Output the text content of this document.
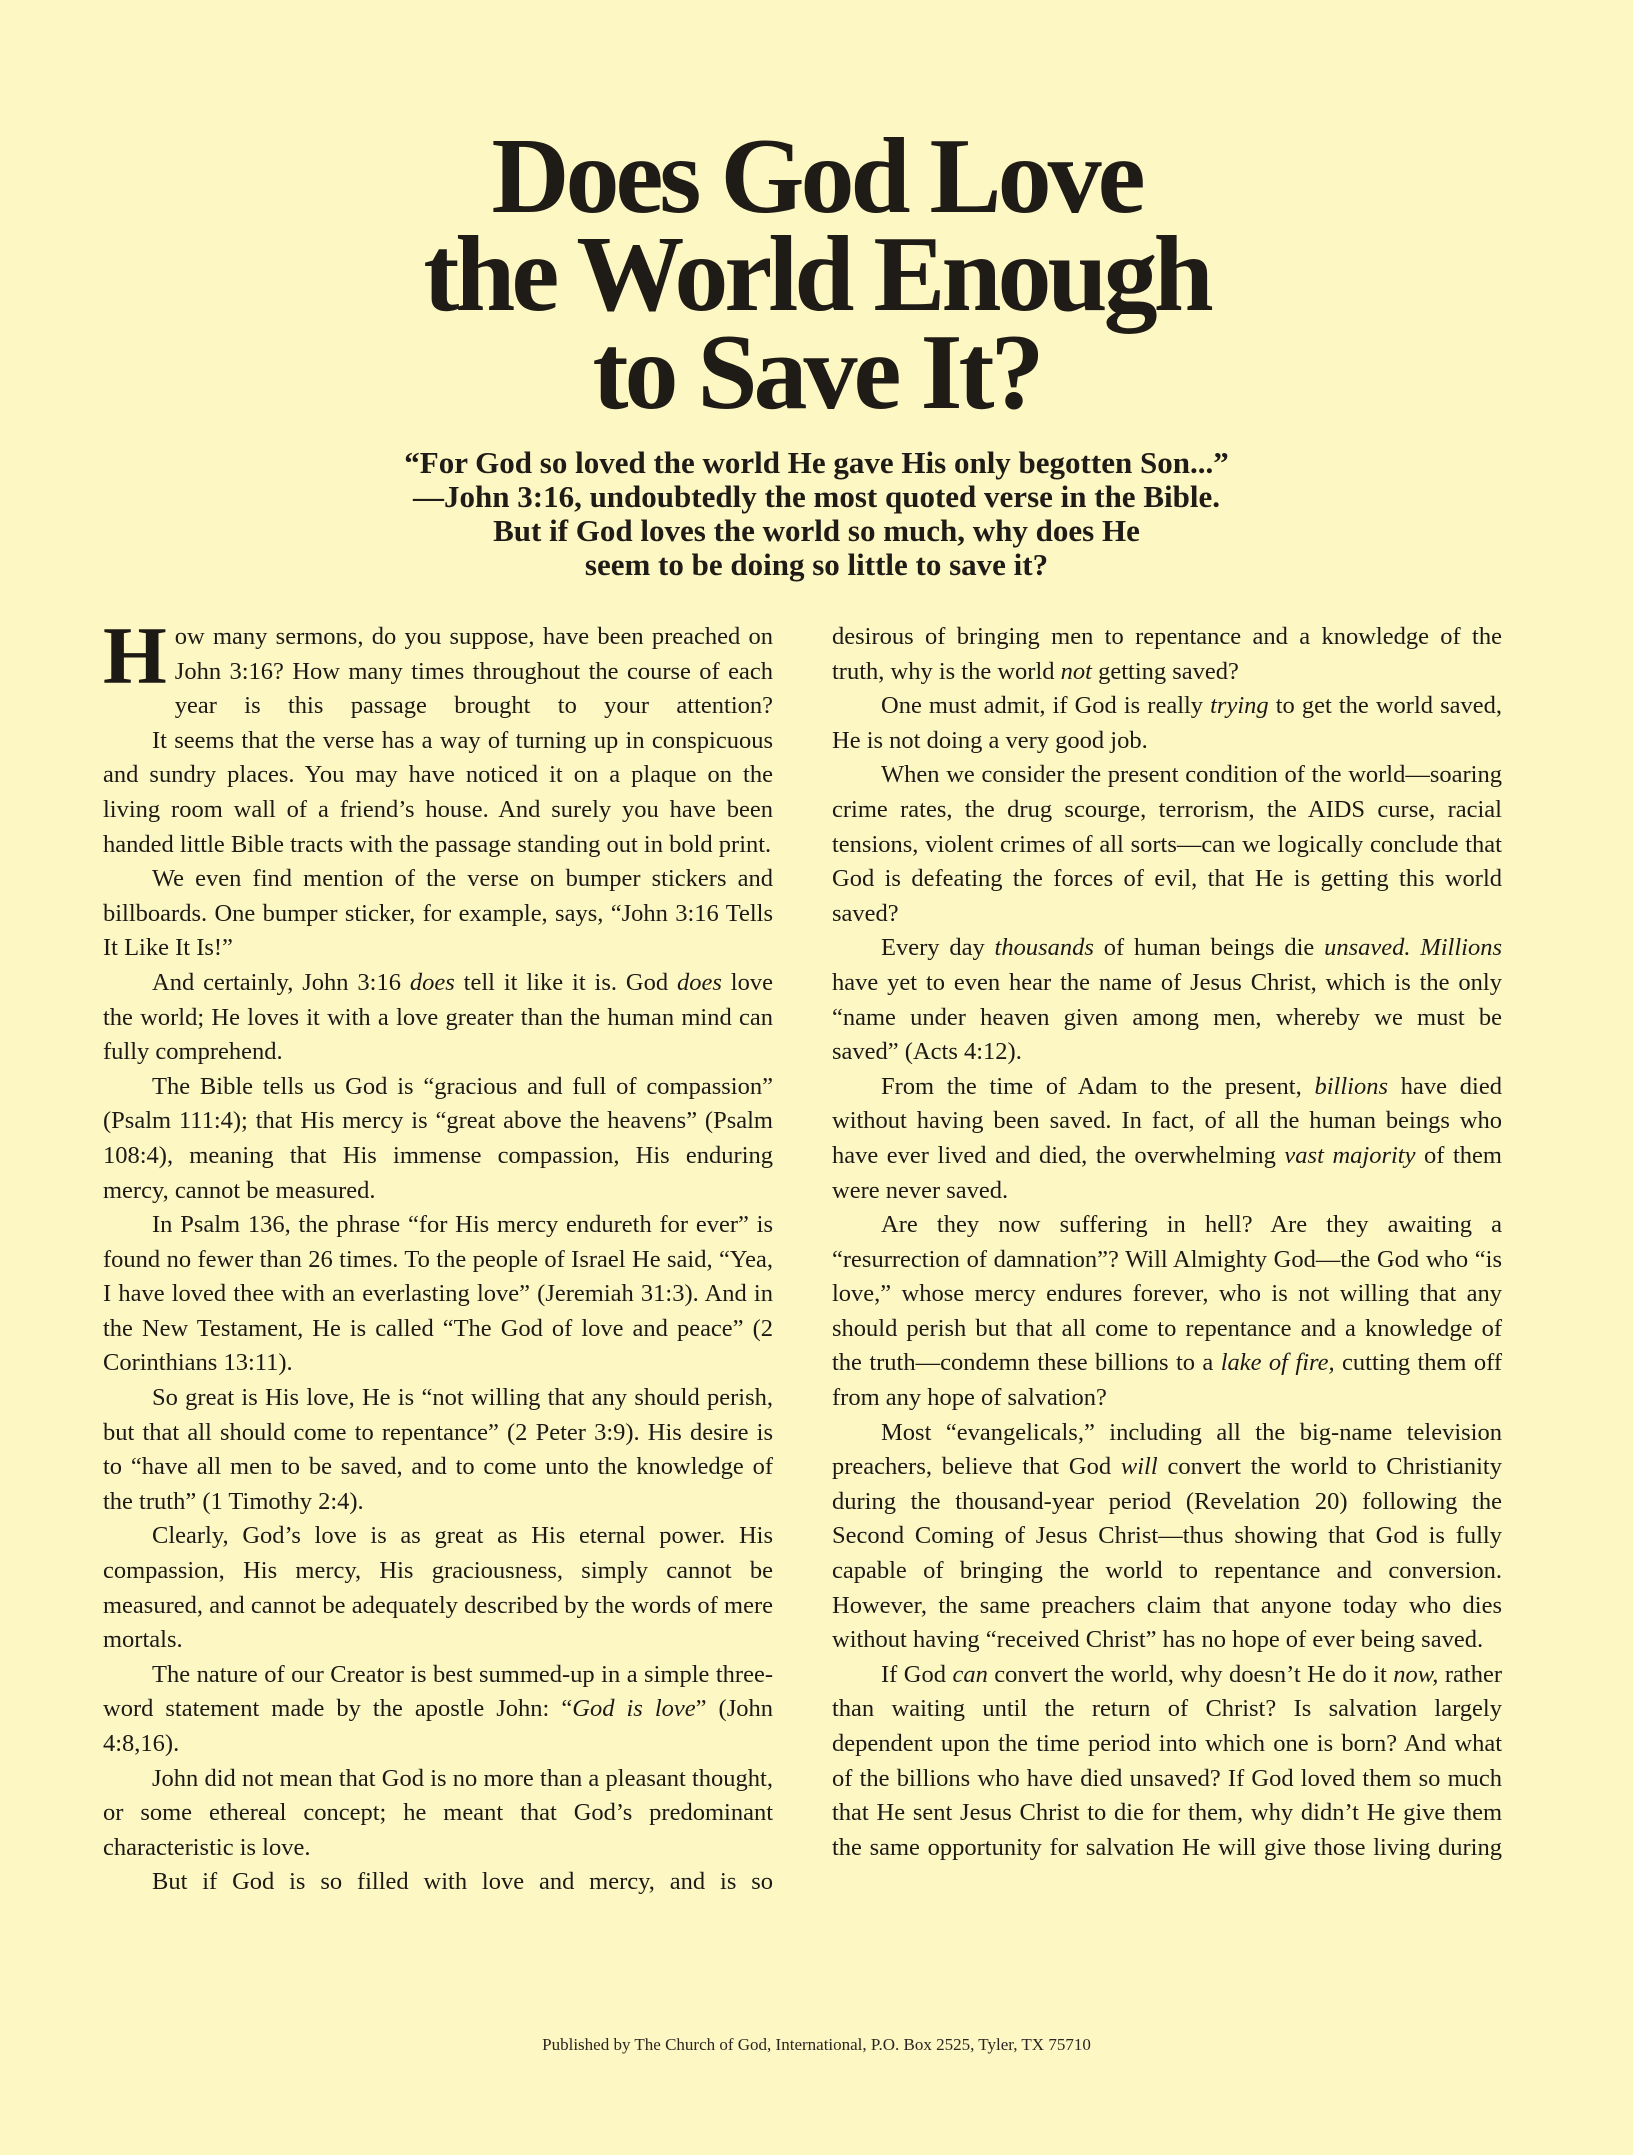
Does God Love
the World Enough
to Save It?
“For God so loved the world He gave His only begotten Son...”
—John 3:16, undoubtedly the most quoted verse in the Bible.
But if God loves the world so much, why does He
seem to be doing so little to save it?

How many sermons, do you suppose, have been preached on John 3:16? How many times throughout the course of each year is this passage brought to your attention?

It seems that the verse has a way of turning up in conspicuous and sundry places. You may have noticed it on a plaque on the living room wall of a friend’s house. And surely you have been handed little Bible tracts with the passage standing out in bold print.

We even find mention of the verse on bumper stickers and billboards. One bumper sticker, for example, says, “John 3:16 Tells It Like It Is!”

And certainly, John 3:16 does tell it like it is. God does love the world; He loves it with a love greater than the human mind can fully comprehend.

The Bible tells us God is “gracious and full of compassion” (Psalm 111:4); that His mercy is “great above the heavens” (Psalm 108:4), meaning that His immense compassion, His enduring mercy, cannot be measured.

In Psalm 136, the phrase “for His mercy endureth for ever” is found no fewer than 26 times. To the people of Israel He said, “Yea, I have loved thee with an everlasting love” (Jeremiah 31:3). And in the New Testament, He is called “The God of love and peace” (2 Corinthians 13:11).

So great is His love, He is “not willing that any should perish, but that all should come to repentance” (2 Peter 3:9). His desire is to “have all men to be saved, and to come unto the knowledge of the truth” (1 Timothy 2:4).

Clearly, God’s love is as great as His eternal power. His compassion, His mercy, His graciousness, simply cannot be measured, and cannot be adequately described by the words of mere mortals.

The nature of our Creator is best summed-up in a simple three-word statement made by the apostle John: “God is love” (John 4:8,16).

John did not mean that God is no more than a pleasant thought, or some ethereal concept; he meant that God’s predominant characteristic is love.

But if God is so filled with love and mercy, and is so

desirous of bringing men to repentance and a knowledge of the truth, why is the world not getting saved?

One must admit, if God is really trying to get the world saved, He is not doing a very good job.

When we consider the present condition of the world—soaring crime rates, the drug scourge, terrorism, the AIDS curse, racial tensions, violent crimes of all sorts—can we logically conclude that God is defeating the forces of evil, that He is getting this world saved?

Every day thousands of human beings die unsaved. Millions have yet to even hear the name of Jesus Christ, which is the only “name under heaven given among men, whereby we must be saved” (Acts 4:12).

From the time of Adam to the present, billions have died without having been saved. In fact, of all the human beings who have ever lived and died, the overwhelming vast majority of them were never saved.

Are they now suffering in hell? Are they awaiting a “resurrection of damnation”? Will Almighty God—the God who “is love,” whose mercy endures forever, who is not willing that any should perish but that all come to repentance and a knowledge of the truth—condemn these billions to a lake of fire, cutting them off from any hope of salvation?

Most “evangelicals,” including all the big-name television preachers, believe that God will convert the world to Christianity during the thousand-year period (Revelation 20) following the Second Coming of Jesus Christ—thus showing that God is fully capable of bringing the world to repentance and conversion. However, the same preachers claim that anyone today who dies without having “received Christ” has no hope of ever being saved.

If God can convert the world, why doesn’t He do it now, rather than waiting until the return of Christ? Is salvation largely dependent upon the time period into which one is born? And what of the billions who have died unsaved? If God loved them so much that He sent Jesus Christ to die for them, why didn’t He give them the same opportunity for salvation He will give those living during

Published by The Church of God, International, P.O. Box 2525, Tyler, TX 75710
